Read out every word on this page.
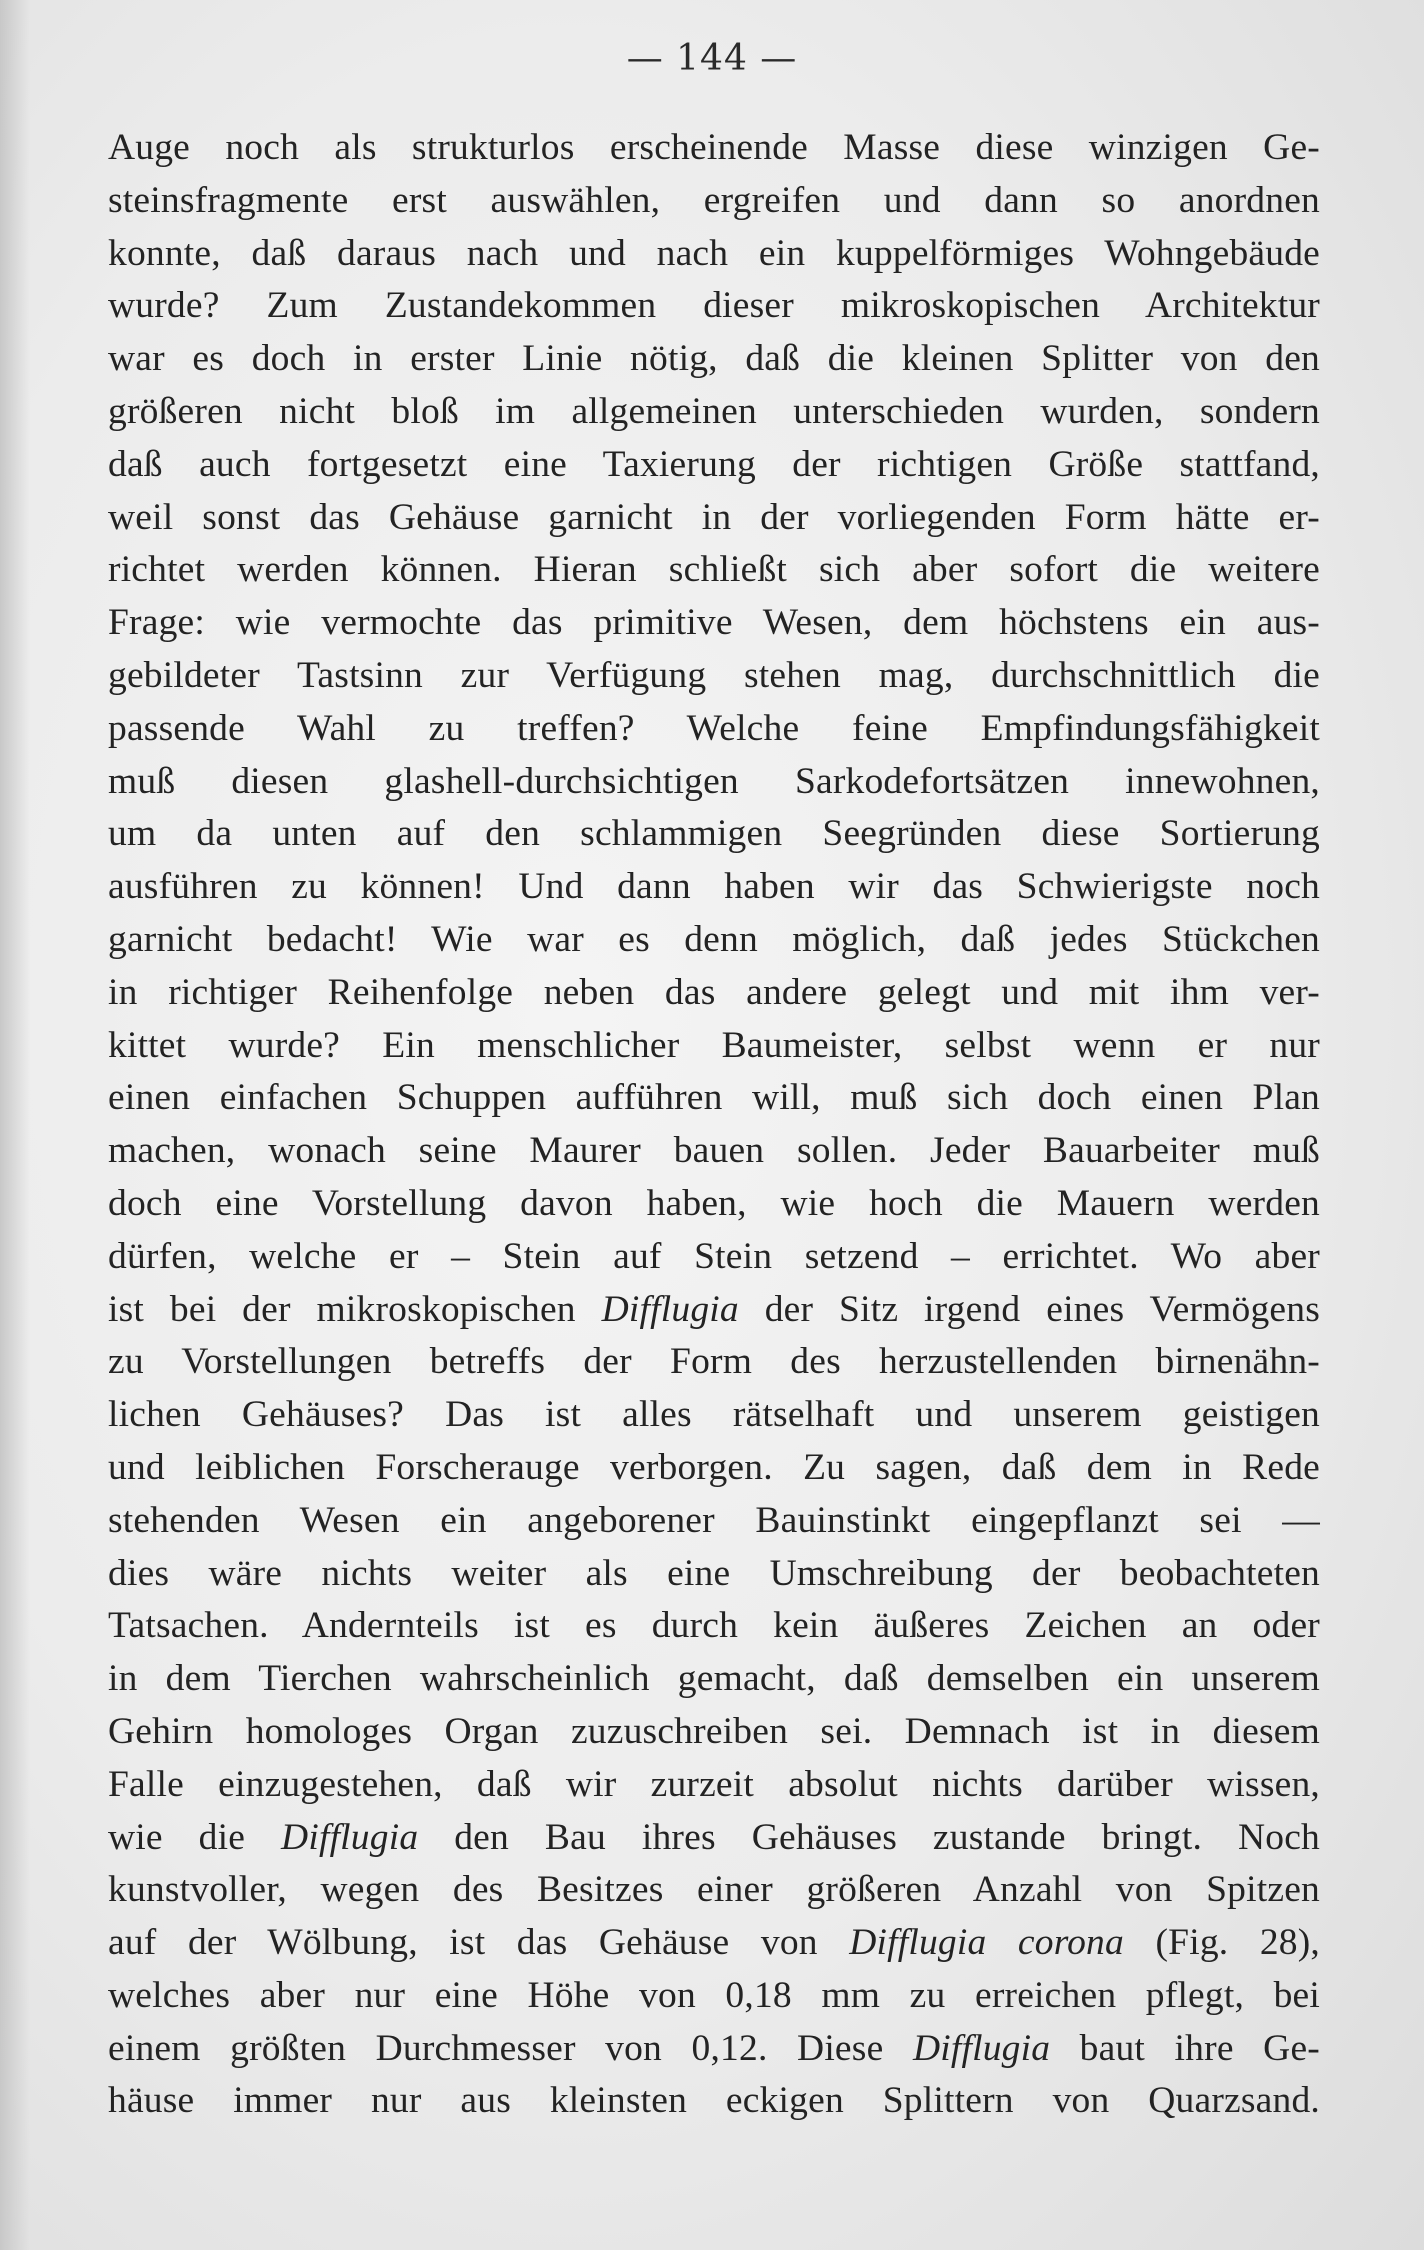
— 144 —
Auge noch als strukturlos erscheinende Masse diese winzigen Ge-
steinsfragmente erst auswählen, ergreifen und dann so anordnen
konnte, daß daraus nach und nach ein kuppelförmiges Wohngebäude
wurde? Zum Zustandekommen dieser mikroskopischen Architektur
war es doch in erster Linie nötig, daß die kleinen Splitter von den
größeren nicht bloß im allgemeinen unterschieden wurden, sondern
daß auch fortgesetzt eine Taxierung der richtigen Größe stattfand,
weil sonst das Gehäuse garnicht in der vorliegenden Form hätte er-
richtet werden können. Hieran schließt sich aber sofort die weitere
Frage: wie vermochte das primitive Wesen, dem höchstens ein aus-
gebildeter Tastsinn zur Verfügung stehen mag, durchschnittlich die
passende Wahl zu treffen? Welche feine Empfindungsfähigkeit
muß diesen glashell-durchsichtigen Sarkodefortsätzen innewohnen,
um da unten auf den schlammigen Seegründen diese Sortierung
ausführen zu können! Und dann haben wir das Schwierigste noch
garnicht bedacht! Wie war es denn möglich, daß jedes Stückchen
in richtiger Reihenfolge neben das andere gelegt und mit ihm ver-
kittet wurde? Ein menschlicher Baumeister, selbst wenn er nur
einen einfachen Schuppen aufführen will, muß sich doch einen Plan
machen, wonach seine Maurer bauen sollen. Jeder Bauarbeiter muß
doch eine Vorstellung davon haben, wie hoch die Mauern werden
dürfen, welche er – Stein auf Stein setzend – errichtet. Wo aber
ist bei der mikroskopischen Difflugia der Sitz irgend eines Vermögens
zu Vorstellungen betreffs der Form des herzustellenden birnenähn-
lichen Gehäuses? Das ist alles rätselhaft und unserem geistigen
und leiblichen Forscherauge verborgen. Zu sagen, daß dem in Rede
stehenden Wesen ein angeborener Bauinstinkt eingepflanzt sei —
dies wäre nichts weiter als eine Umschreibung der beobachteten
Tatsachen. Andernteils ist es durch kein äußeres Zeichen an oder
in dem Tierchen wahrscheinlich gemacht, daß demselben ein unserem
Gehirn homologes Organ zuzuschreiben sei. Demnach ist in diesem
Falle einzugestehen, daß wir zurzeit absolut nichts darüber wissen,
wie die Difflugia den Bau ihres Gehäuses zustande bringt. Noch
kunstvoller, wegen des Besitzes einer größeren Anzahl von Spitzen
auf der Wölbung, ist das Gehäuse von Difflugia corona (Fig. 28),
welches aber nur eine Höhe von 0,18 mm zu erreichen pflegt, bei
einem größten Durchmesser von 0,12. Diese Difflugia baut ihre Ge-
häuse immer nur aus kleinsten eckigen Splittern von Quarzsand.
